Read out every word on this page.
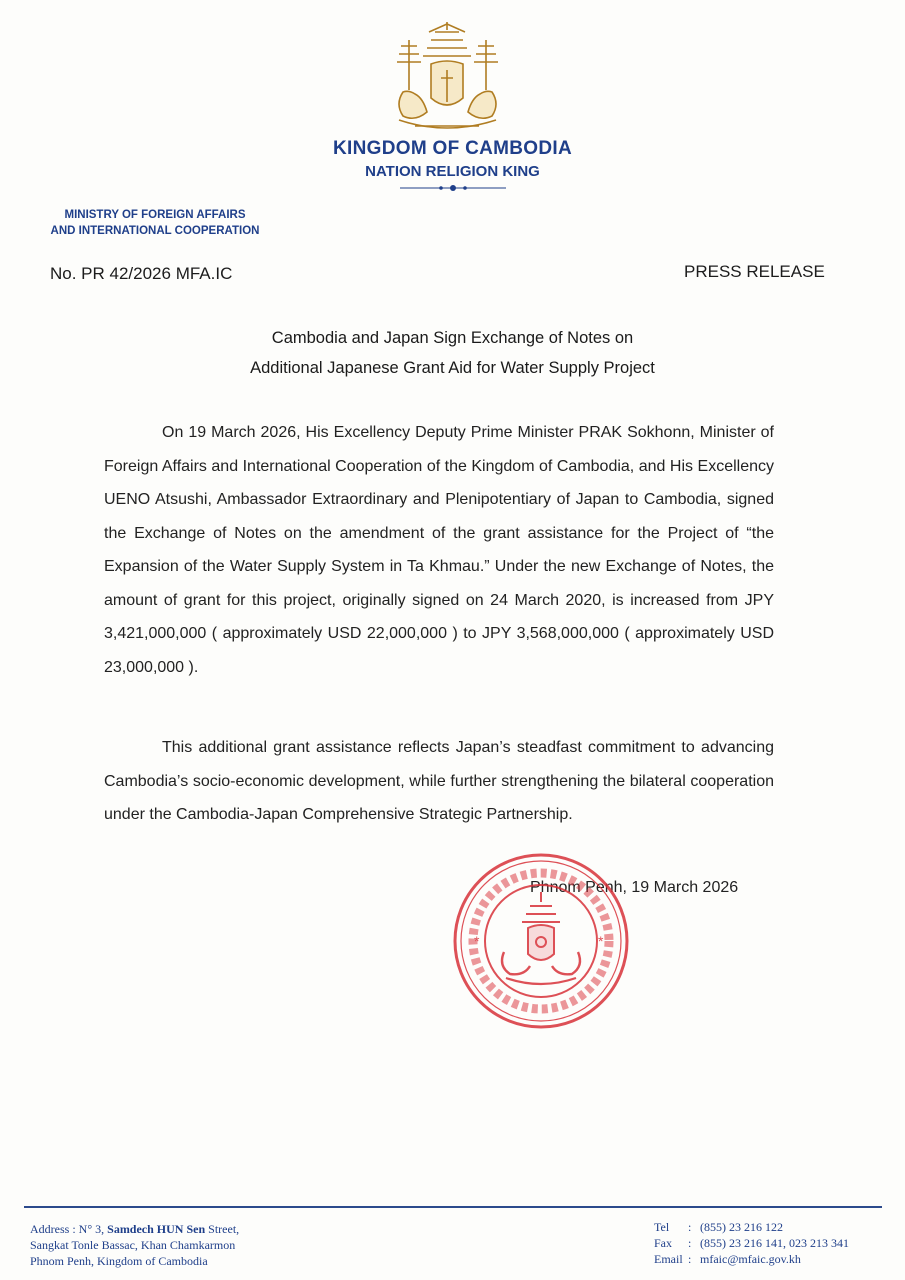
KINGDOM OF CAMBODIA
NATION RELIGION KING
MINISTRY OF FOREIGN AFFAIRS
AND INTERNATIONAL COOPERATION
No. PR 42/2026 MFA.IC	PRESS RELEASE
Cambodia and Japan Sign Exchange of Notes on
Additional Japanese Grant Aid for Water Supply Project
On 19 March 2026, His Excellency Deputy Prime Minister PRAK Sokhonn, Minister of Foreign Affairs and International Cooperation of the Kingdom of Cambodia, and His Excellency UENO Atsushi, Ambassador Extraordinary and Plenipotentiary of Japan to Cambodia, signed the Exchange of Notes on the amendment of the grant assistance for the Project of “the Expansion of the Water Supply System in Ta Khmau.” Under the new Exchange of Notes, the amount of grant for this project, originally signed on 24 March 2020, is increased from JPY 3,421,000,000 ( approximately USD 22,000,000 ) to JPY 3,568,000,000 ( approximately USD 23,000,000 ).
This additional grant assistance reflects Japan’s steadfast commitment to advancing Cambodia’s socio-economic development, while further strengthening the bilateral cooperation under the Cambodia-Japan Comprehensive Strategic Partnership.
Phnom Penh, 19 March 2026
*	*
Address : N° 3, Samdech HUN Sen Street,
Sangkat Tonle Bassac, Khan Chamkarmon
Phnom Penh, Kingdom of Cambodia
Tel	: (855) 23 216 122
Fax	: (855) 23 216 141, 023 213 341
Email : mfaic@mfaic.gov.kh
